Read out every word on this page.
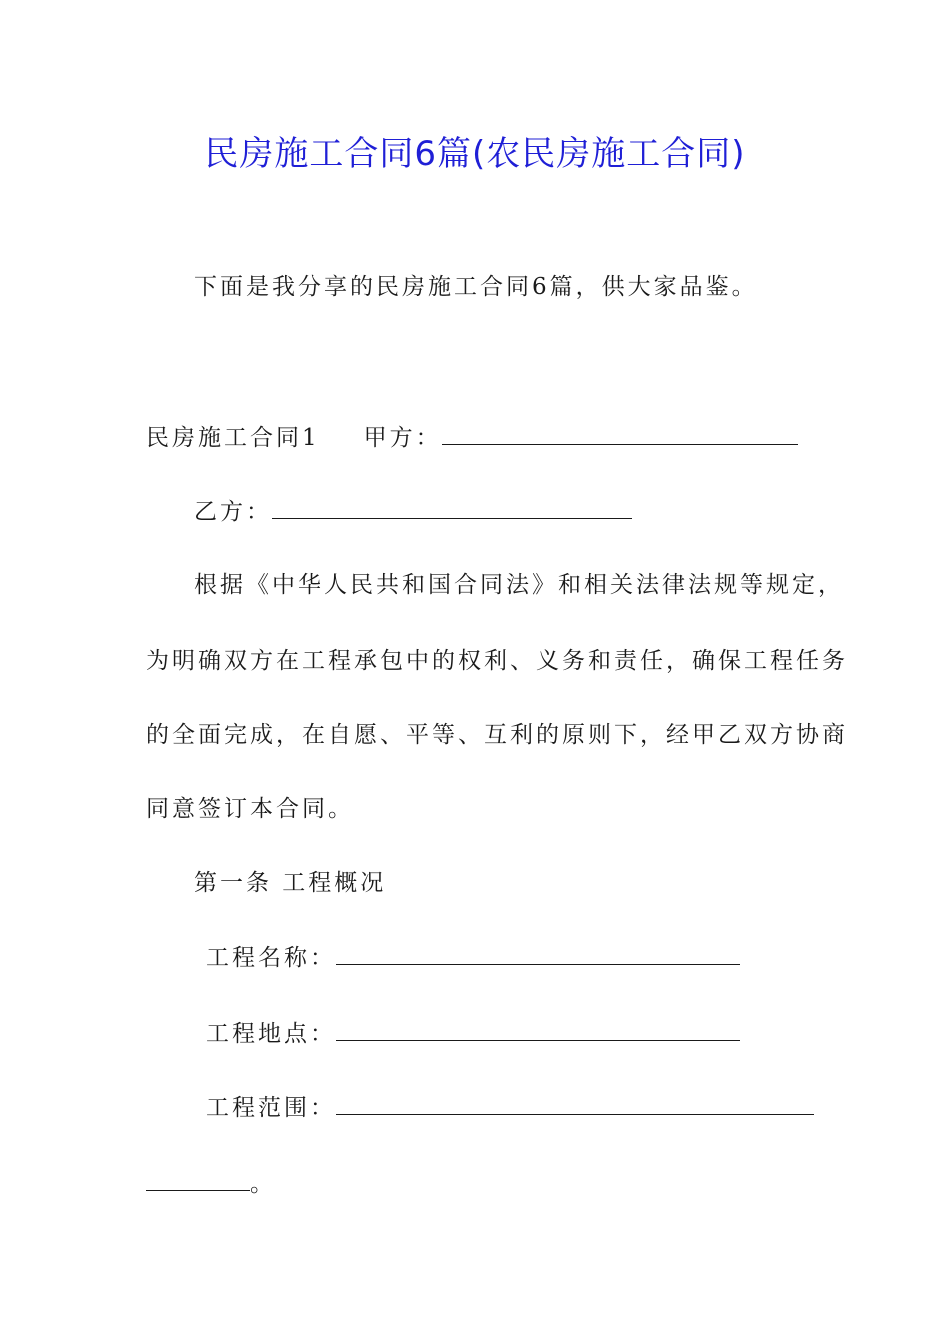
民房施工合同6篇(农民房施工合同)
下面是我分享的民房施工合同6篇，供大家品鉴。
民房施工合同1 甲方：
乙方：
根据《中华人民共和国合同法》和相关法律法规等规定，
为明确双方在工程承包中的权利、义务和责任，确保工程任务
的全面完成，在自愿、平等、互利的原则下，经甲乙双方协商
同意签订本合同。
第一条 工程概况
工程名称：
工程地点：
工程范围：
。
